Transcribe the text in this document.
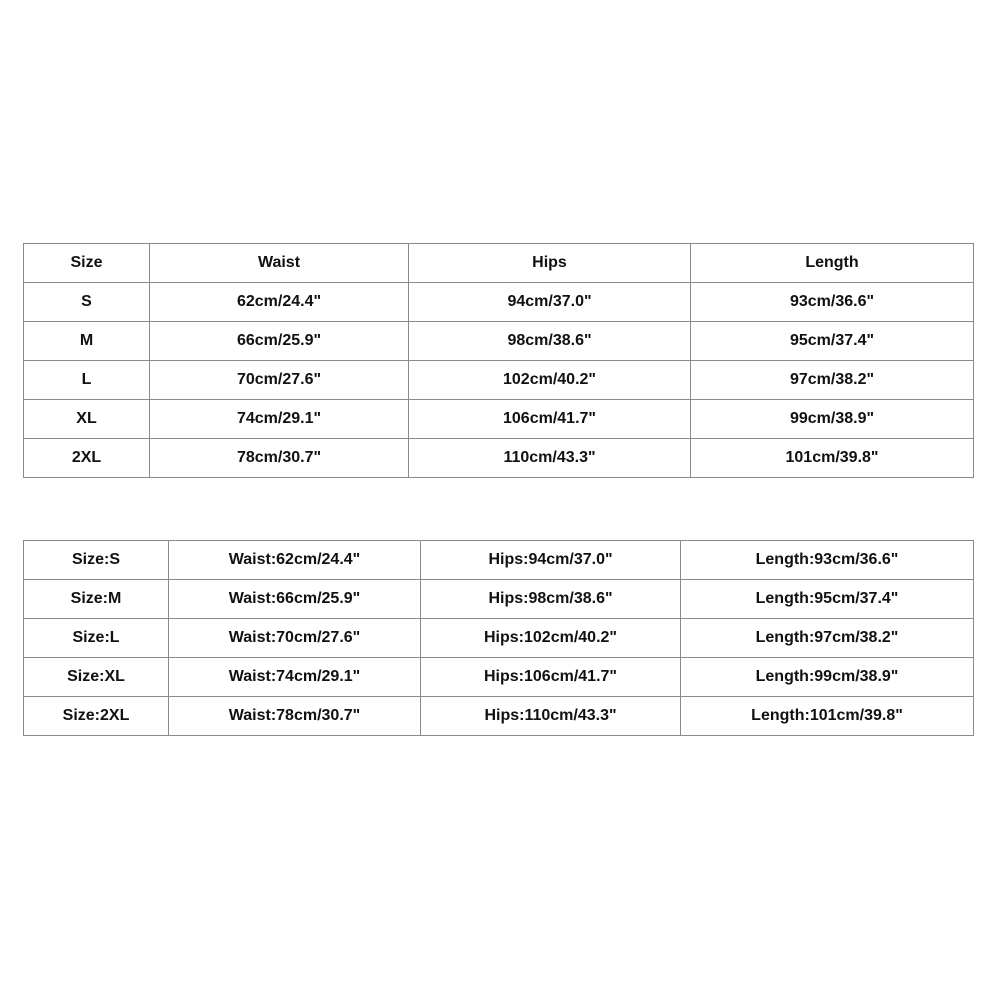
Size	Waist	Hips	Length
S	62cm/24.4"	94cm/37.0"	93cm/36.6"
M	66cm/25.9"	98cm/38.6"	95cm/37.4"
L	70cm/27.6"	102cm/40.2"	97cm/38.2"
XL	74cm/29.1"	106cm/41.7"	99cm/38.9"
2XL	78cm/30.7"	110cm/43.3"	101cm/39.8"
Size:S	Waist:62cm/24.4"	Hips:94cm/37.0"	Length:93cm/36.6"
Size:M	Waist:66cm/25.9"	Hips:98cm/38.6"	Length:95cm/37.4"
Size:L	Waist:70cm/27.6"	Hips:102cm/40.2"	Length:97cm/38.2"
Size:XL	Waist:74cm/29.1"	Hips:106cm/41.7"	Length:99cm/38.9"
Size:2XL	Waist:78cm/30.7"	Hips:110cm/43.3"	Length:101cm/39.8"
